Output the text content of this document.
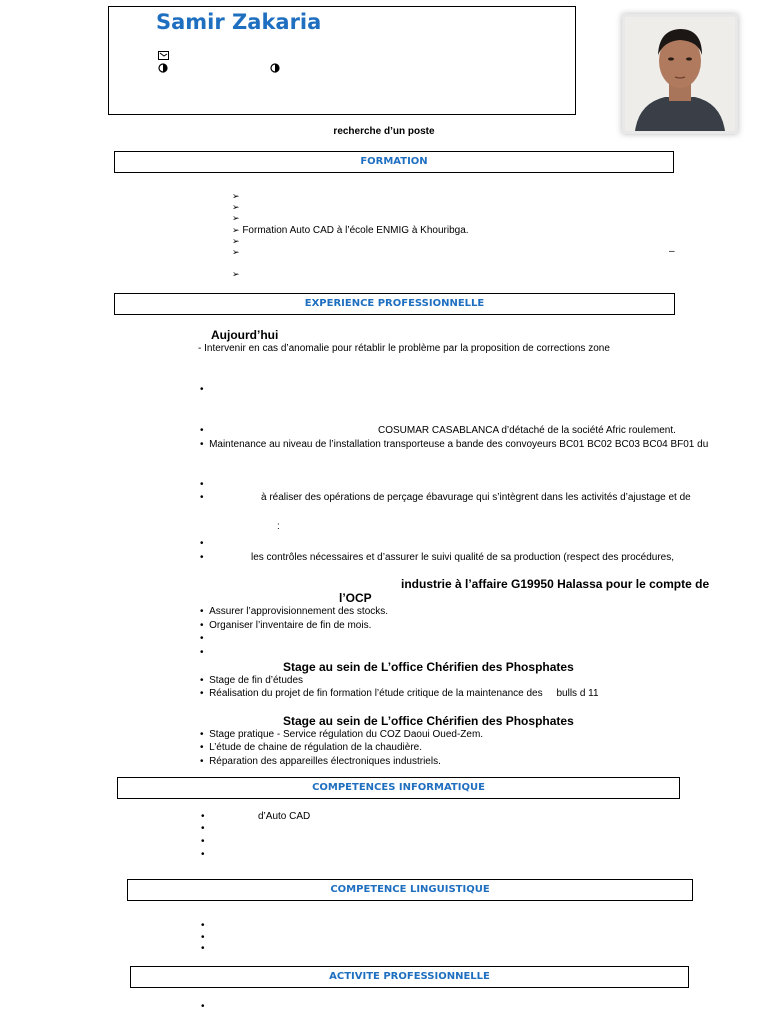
Samir Zakaria
recherche d’un poste
FORMATION
➢
➢
➢
➢ Formation Auto CAD à l’école ENMIG à Khouribga.
➢
➢	–
➢
EXPERIENCE PROFESSIONNELLE
Aujourd’hui
- Intervenir en cas d’anomalie pour rétablir le problème par la proposition de corrections zone
•
COSUMAR CASABLANCA d’détaché de la société Afric roulement.
•
•  Maintenance au niveau de l’installation transporteuse a bande des convoyeurs BC01 BC02 BC03 BC04 BF01 du
•
•	à réaliser des opérations de perçage ébavurage qui s’intègrent dans les activités d’ajustage et de
:
•
•	les contrôles nécessaires et d’assurer le suivi qualité de sa production (respect des procédures,
industrie à l’affaire G19950 Halassa pour le compte de
l’OCP
•  Assurer l’approvisionnement des stocks.
•  Organiser l’inventaire de fin de mois.
•
•
Stage au sein de L’office Chérifien des Phosphates
•  Stage de fin d’études
•  Réalisation du projet de fin formation l’étude critique de la maintenance des     bulls d 11
Stage au sein de L’office Chérifien des Phosphates
•  Stage pratique - Service régulation du COZ Daoui Oued-Zem.
•  L’étude de chaine de régulation de la chaudière.
•  Réparation des appareilles électroniques industriels.
COMPETENCES INFORMATIQUE
•	d’Auto CAD
•
•
•
COMPETENCE LINGUISTIQUE
•
•
•
ACTIVITE PROFESSIONNELLE
•
